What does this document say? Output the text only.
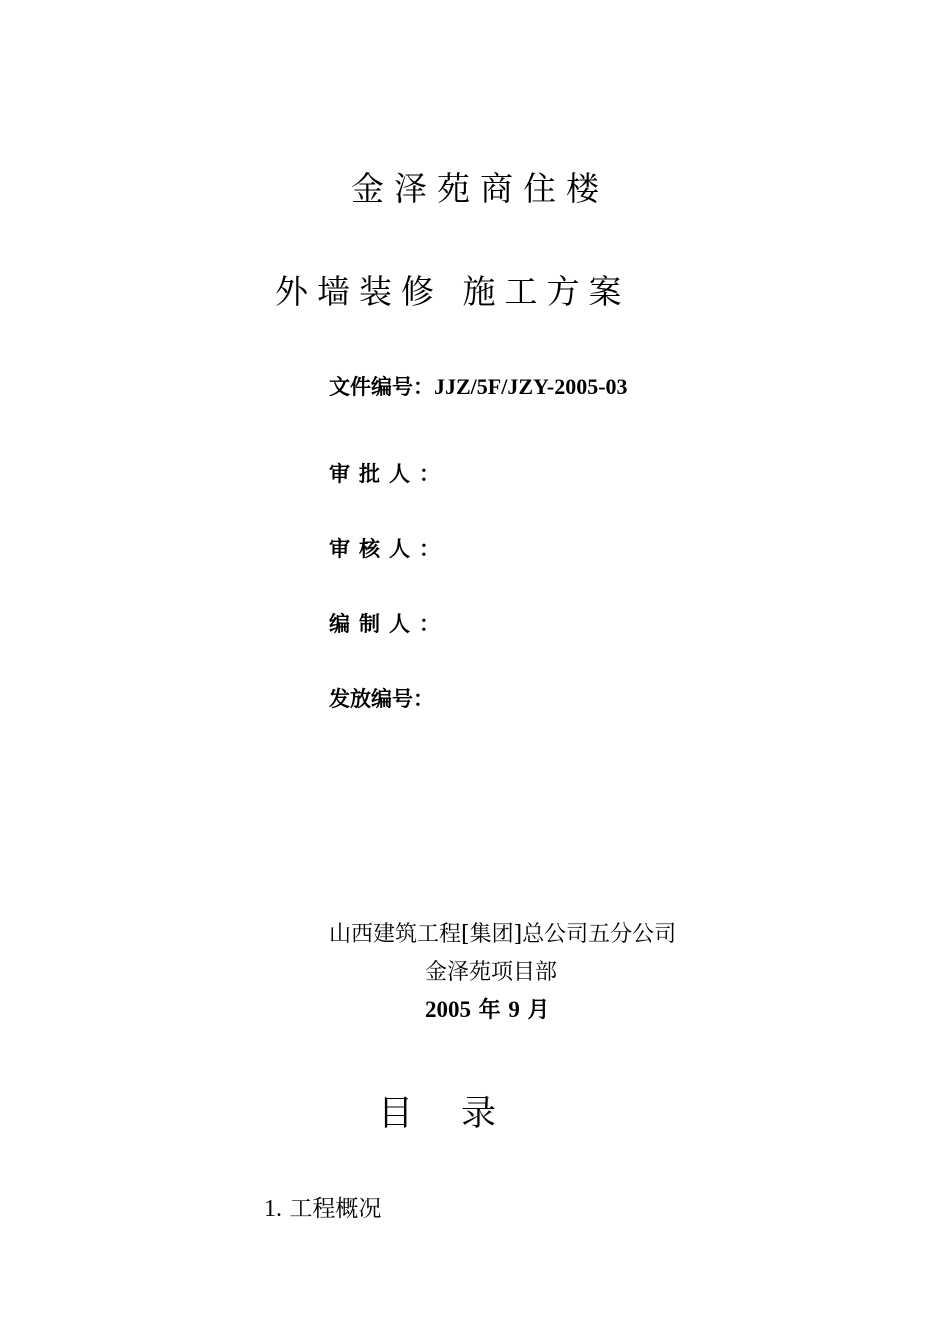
金泽苑商住楼
外墙装修 施工方案
文件编号：JJZ/5F/JZY-2005-03
审批人：
审核人：
编制人：
发放编号：
山西建筑工程[集团]总公司五分公司
金泽苑项目部
2005 年 9 月
目 录
1. 工程概况
